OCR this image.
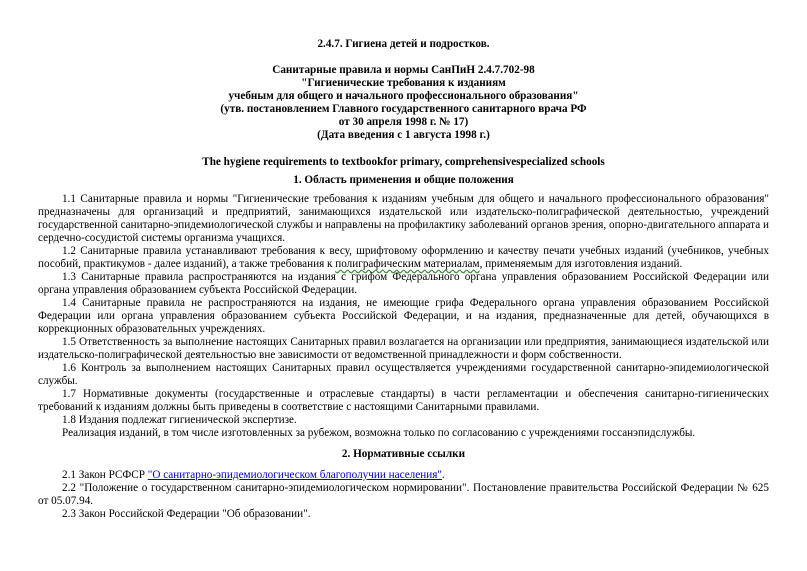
2.4.7. Гигиена детей и подростков.
Санитарные правила и нормы СанПиН 2.4.7.702-98
"Гигиенические требования к изданиям
учебным для общего и начального профессионального образования"
(утв. постановлением Главного государственного санитарного врача РФ
от 30 апреля 1998 г. № 17)
(Дата введения с 1 августа 1998 г.)
The hygiene requirements to textbookfor primary, comprehensivespecialized schools
1. Область применения и общие положения

1.1 Санитарные правила и нормы "Гигиенические требования к изданиям учебным для общего и начального профессионального образования" предназначены для организаций и предприятий, занимающихся издательской или издательско-полиграфической деятельностью, учреждений государственной санитарно-эпидемиологической службы и направлены на профилактику заболеваний органов зрения, опорно-двигательного аппарата и сердечно-сосудистой системы организма учащихся.

1.2 Санитарные правила устанавливают требования к весу, шрифтовому оформлению и качеству печати учебных изданий (учебников, учебных пособий, практикумов - далее изданий), а также требования к полиграфическим материалам, применяемым для изготовления изданий.

1.3 Санитарные правила распространяются на издания с грифом Федерального органа управления образованием Российской Федерации или органа управления образованием субъекта Российской Федерации.

1.4 Санитарные правила не распространяются на издания, не имеющие грифа Федерального органа управления образованием Российской Федерации или органа управления образованием субъекта Российской Федерации, и на издания, предназначенные для детей, обучающихся в коррекционных образовательных учреждениях.

1.5 Ответственность за выполнение настоящих Санитарных правил возлагается на организации или предприятия, занимающиеся издательской или издательско-полиграфической деятельностью вне зависимости от ведомственной принадлежности и форм собственности.

1.6 Контроль за выполнением настоящих Санитарных правил осуществляется учреждениями государственной санитарно-эпидемиологической службы.

1.7 Нормативные документы (государственные и отраслевые стандарты) в части регламентации и обеспечения санитарно-гигиенических требований к изданиям должны быть приведены в соответствие с настоящими Санитарными правилами.

1.8 Издания подлежат гигиенической экспертизе.

Реализация изданий, в том числе изготовленных за рубежом, возможна только по согласованию с учреждениями госсанэпидслужбы.

2. Нормативные ссылки

2.1 Закон РСФСР "О санитарно-эпидемиологическом благополучии населения".

2.2 "Положение о государственном санитарно-эпидемиологическом нормировании". Постановление правительства Российской Федерации № 625 от 05.07.94.

2.3 Закон Российской Федерации "Об образовании".
